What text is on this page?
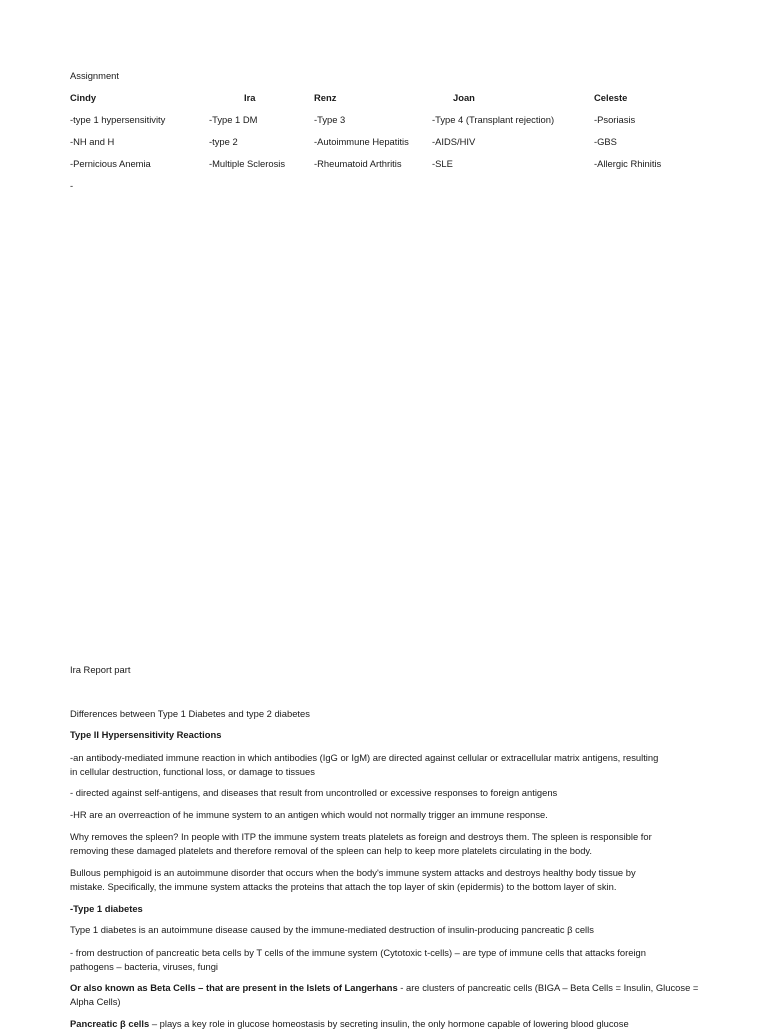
Assignment
Cindy
-type 1 hypersensitivity
-NH and H
-Pernicious Anemia
-
Ira
-Type 1 DM
-type 2
-Multiple Sclerosis
Renz
-Type 3
-Autoimmune Hepatitis
-Rheumatoid Arthritis
Joan
-Type 4 (Transplant rejection)
-AIDS/HIV
-SLE
Celeste
-Psoriasis
-GBS
-Allergic Rhinitis
Ira Report part
Differences between Type 1 Diabetes and type 2 diabetes
Type II Hypersensitivity Reactions
-an antibody-mediated immune reaction in which antibodies (IgG or IgM) are directed against cellular or extracellular matrix antigens, resulting
in cellular destruction, functional loss, or damage to tissues
- directed against self-antigens, and diseases that result from uncontrolled or excessive responses to foreign antigens
-HR are an overreaction of he immune system to an antigen which would not normally trigger an immune response.
Why removes the spleen? In people with ITP the immune system treats platelets as foreign and destroys them. The spleen is responsible for
removing these damaged platelets and therefore removal of the spleen can help to keep more platelets circulating in the body.
Bullous pemphigoid is an autoimmune disorder that occurs when the body's immune system attacks and destroys healthy body tissue by
mistake. Specifically, the immune system attacks the proteins that attach the top layer of skin (epidermis) to the bottom layer of skin.
-Type 1 diabetes
Type 1 diabetes is an autoimmune disease caused by the immune-mediated destruction of insulin-producing pancreatic β cells
- from destruction of pancreatic beta cells by T cells of the immune system (Cytotoxic t-cells) – are type of immune cells that attacks foreign
pathogens – bacteria, viruses, fungi
Or also known as Beta Cells – that are present in the Islets of Langerhans - are clusters of pancreatic cells (BIGA – Beta Cells = Insulin, Glucose =
Alpha Cells)
Pancreatic β cells – plays a key role in glucose homeostasis by secreting insulin, the only hormone capable of lowering blood glucose
